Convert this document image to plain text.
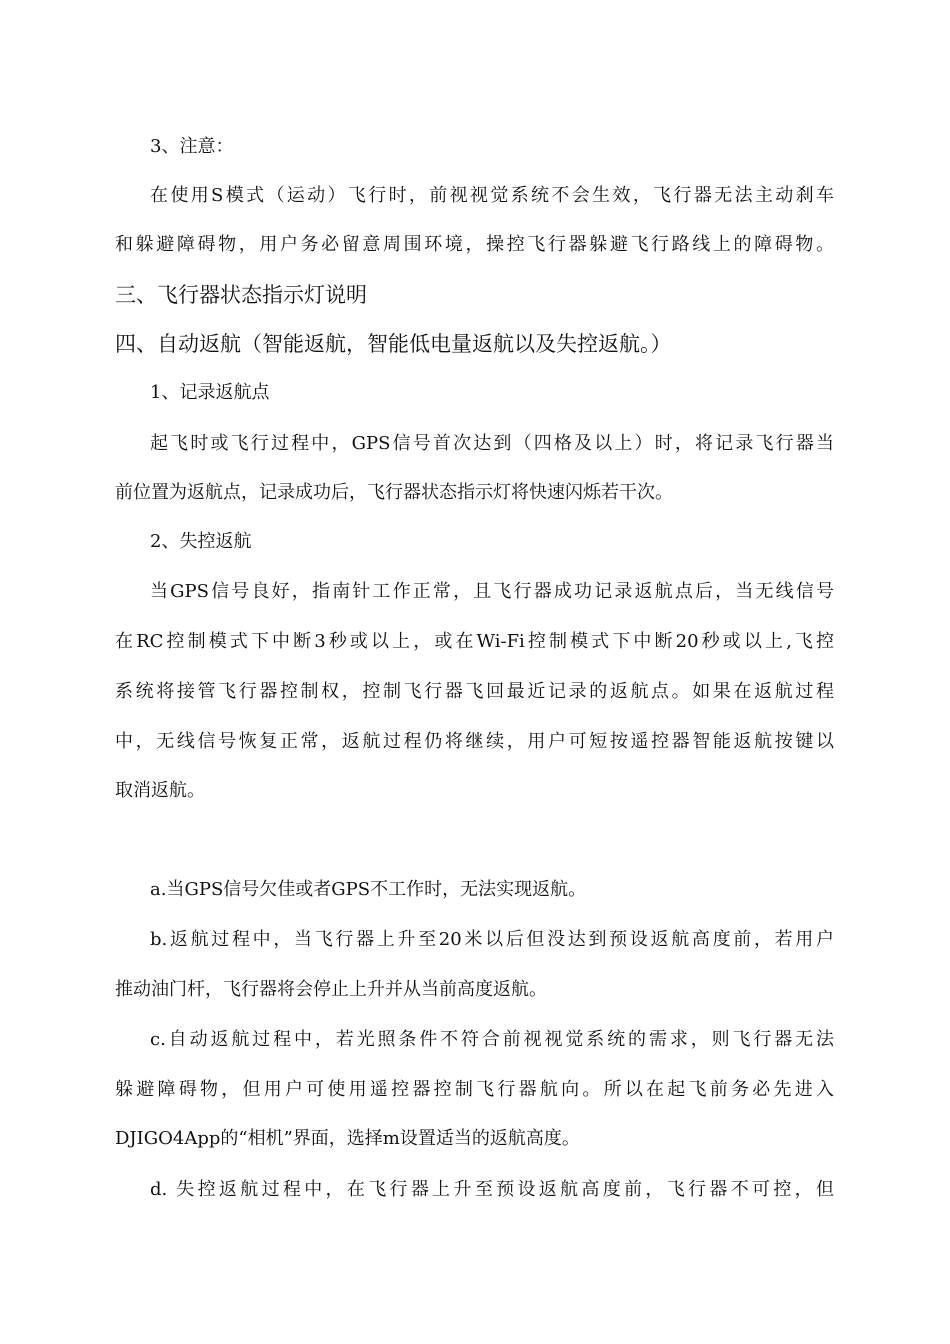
3、注意：
在使用S模式（运动）飞行时，前视视觉系统不会生效，飞行器无法主动刹车
和躲避障碍物，用户务必留意周围环境，操控飞行器躲避飞行路线上的障碍物。
三、飞行器状态指示灯说明
四、自动返航（智能返航，智能低电量返航以及失控返航。）
1、记录返航点
起飞时或飞行过程中，GPS信号首次达到（四格及以上）时，将记录飞行器当
前位置为返航点，记录成功后，飞行器状态指示灯将快速闪烁若干次。
2、失控返航
当GPS信号良好，指南针工作正常，且飞行器成功记录返航点后，当无线信号
在RC控制模式下中断3秒或以上，或在Wi-Fi控制模式下中断20秒或以上,飞控
系统将接管飞行器控制权，控制飞行器飞回最近记录的返航点。如果在返航过程
中，无线信号恢复正常，返航过程仍将继续，用户可短按遥控器智能返航按键以
取消返航。
a.当GPS信号欠佳或者GPS不工作时，无法实现返航。
b.返航过程中，当飞行器上升至20米以后但没达到预设返航高度前，若用户
推动油门杆，飞行器将会停止上升并从当前高度返航。
c.自动返航过程中，若光照条件不符合前视视觉系统的需求，则飞行器无法
躲避障碍物，但用户可使用遥控器控制飞行器航向。所以在起飞前务必先进入
DJIGO4App的“相机”界面，选择m设置适当的返航高度。
d. 失控返航过程中，在飞行器上升至预设返航高度前，飞行器不可控，但
